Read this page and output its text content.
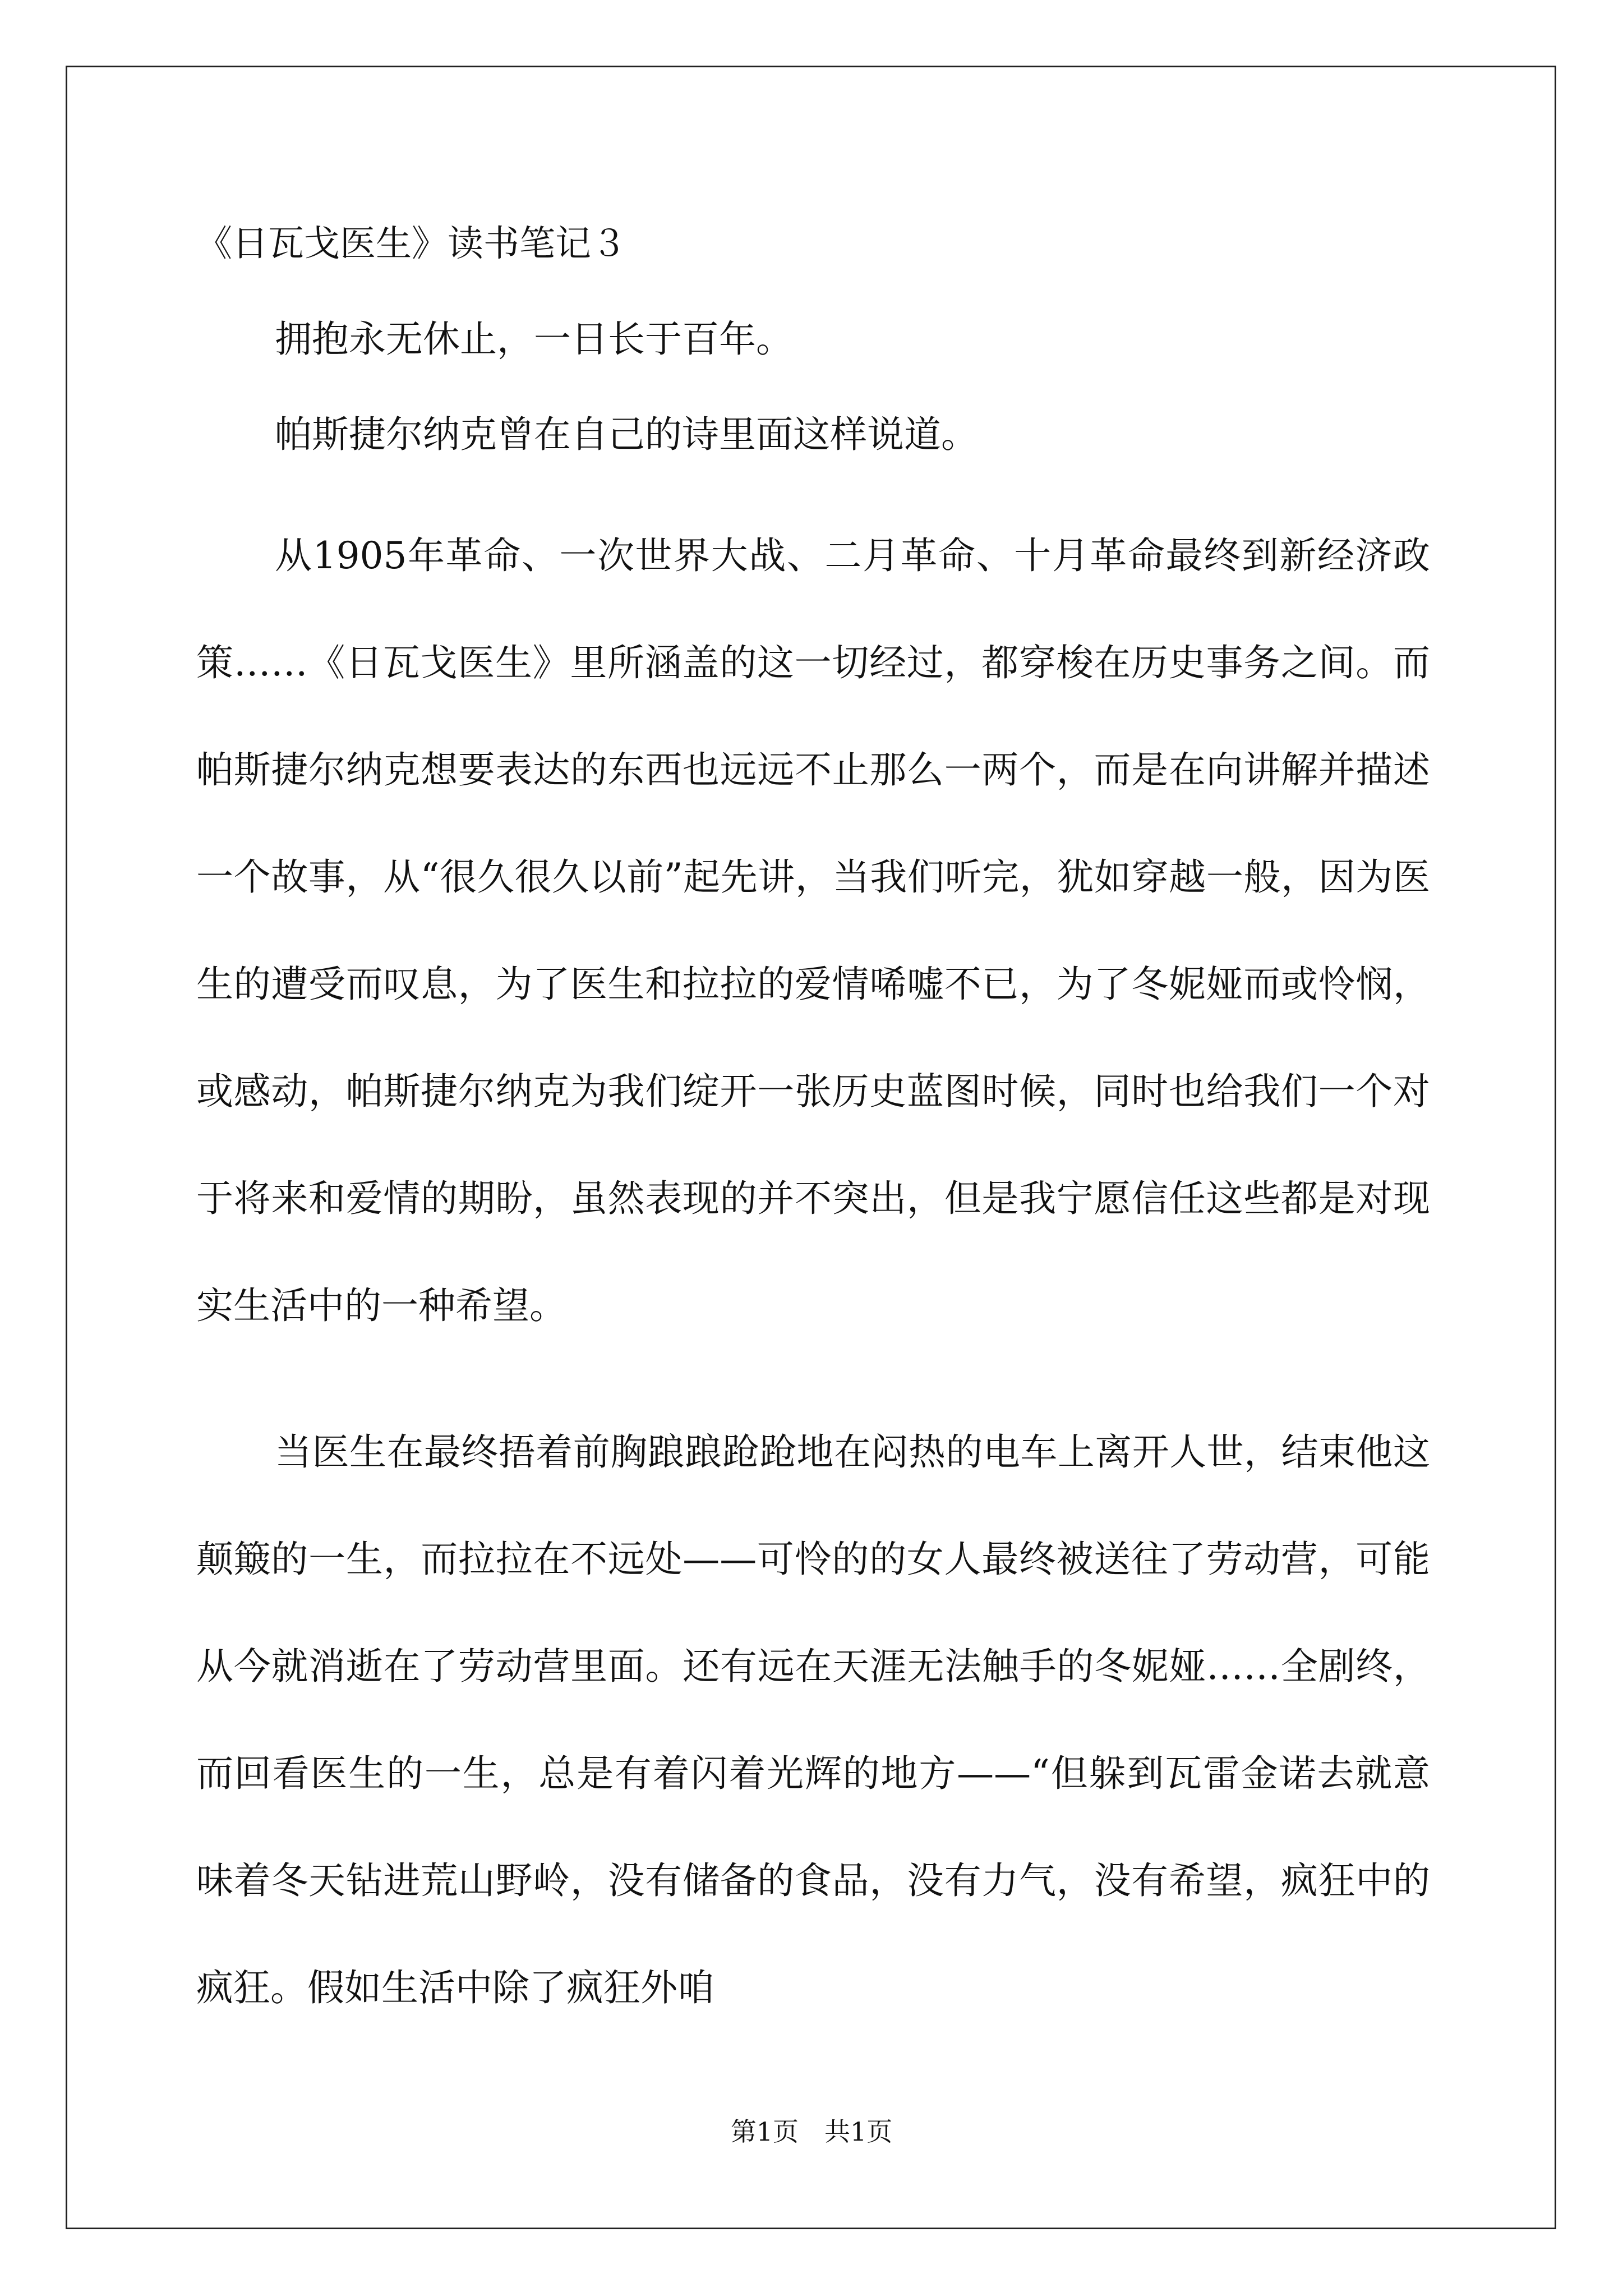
《日瓦戈医生》读书笔记３

拥抱永无休止，一日长于百年。

帕斯捷尔纳克曾在自己的诗里面这样说道。

从1905年革命、一次世界大战、二月革命、十月革命最终到新经济政策……《日瓦戈医生》里所涵盖的这一切经过，都穿梭在历史事务之间。而帕斯捷尔纳克想要表达的东西也远远不止那么一两个，而是在向讲解并描述一个故事，从“很久很久以前”起先讲，当我们听完，犹如穿越一般，因为医生的遭受而叹息，为了医生和拉拉的爱情唏嘘不已，为了冬妮娅而或怜悯，或感动，帕斯捷尔纳克为我们绽开一张历史蓝图时候，同时也给我们一个对于将来和爱情的期盼，虽然表现的并不突出，但是我宁愿信任这些都是对现实生活中的一种希望。

当医生在最终捂着前胸踉踉跄跄地在闷热的电车上离开人世，结束他这颠簸的一生，而拉拉在不远处——可怜的的女人最终被送往了劳动营，可能从今就消逝在了劳动营里面。还有远在天涯无法触手的冬妮娅……全剧终，而回看医生的一生，总是有着闪着光辉的地方——“但躲到瓦雷金诺去就意味着冬天钻进荒山野岭，没有储备的食品，没有力气，没有希望，疯狂中的疯狂。假如生活中除了疯狂外咱

第1页　共1页
